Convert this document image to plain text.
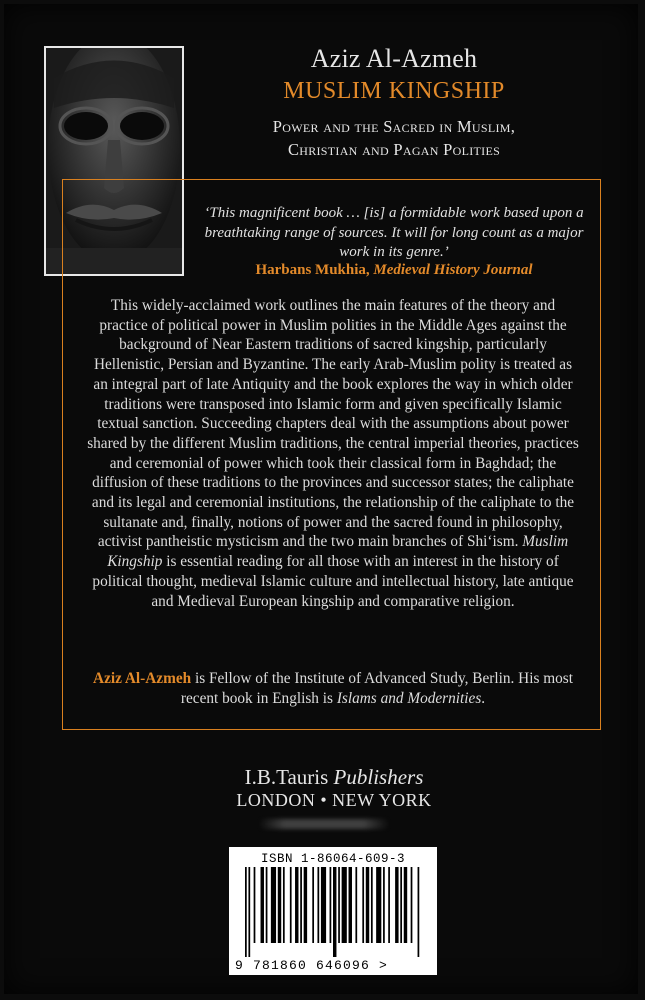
Aziz Al-Azmeh
MUSLIM KINGSHIP
Power and the Sacred in Muslim,
Christian and Pagan Polities
‘This magnificent book … [is] a formidable work based upon a breathtaking range of sources. It will for long count as a major work in its genre.’
Harbans Mukhia, Medieval History Journal
This widely-acclaimed work outlines the main features of the theory and practice of political power in Muslim polities in the Middle Ages against the background of Near Eastern traditions of sacred kingship, particularly Hellenistic, Persian and Byzantine. The early Arab-Muslim polity is treated as an integral part of late Antiquity and the book explores the way in which older traditions were transposed into Islamic form and given specifically Islamic textual sanction. Succeeding chapters deal with the assumptions about power shared by the different Muslim traditions, the central imperial theories, practices and ceremonial of power which took their classical form in Baghdad; the diffusion of these traditions to the provinces and successor states; the caliphate and its legal and ceremonial institutions, the relationship of the caliphate to the sultanate and, finally, notions of power and the sacred found in philosophy, activist pantheistic mysticism and the two main branches of Shi‘ism. Muslim Kingship is essential reading for all those with an interest in the history of political thought, medieval Islamic culture and intellectual history, late antique and Medieval European kingship and comparative religion.
Aziz Al-Azmeh is Fellow of the Institute of Advanced Study, Berlin. His most recent book in English is Islams and Modernities.
I.B.Tauris Publishers
LONDON • NEW YORK
ISBN 1-86064-609-3
9 781860 646096 >
